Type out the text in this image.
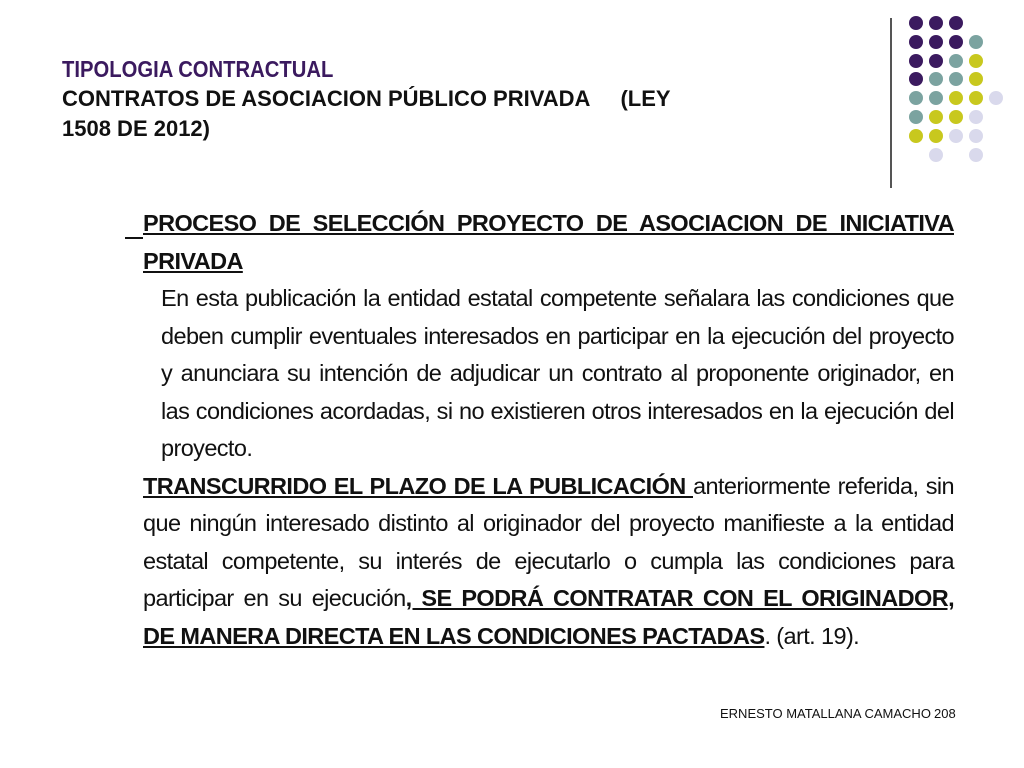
TIPOLOGIA CONTRACTUAL
CONTRATOS DE ASOCIACION PÚBLICO PRIVADA (LEY
1508 DE 2012)

PROCESO DE SELECCIÓN PROYECTO DE ASOCIACION DE INICIATIVA PRIVADA

En esta publicación la entidad estatal competente señalara las condiciones que deben cumplir eventuales interesados en participar en la ejecución del proyecto y anunciara su intención de adjudicar un contrato al proponente originador, en las condiciones acordadas, si no existieren otros interesados en la ejecución del proyecto.

TRANSCURRIDO EL PLAZO DE LA PUBLICACIÓN anteriormente referida, sin que ningún interesado distinto al originador del proyecto manifieste a la entidad estatal competente, su interés de ejecutarlo o cumpla las condiciones para participar en su ejecución, SE PODRÁ CONTRATAR CON EL ORIGINADOR, DE MANERA DIRECTA EN LAS CONDICIONES PACTADAS. (art. 19).

ERNESTO MATALLANA CAMACHO 208
